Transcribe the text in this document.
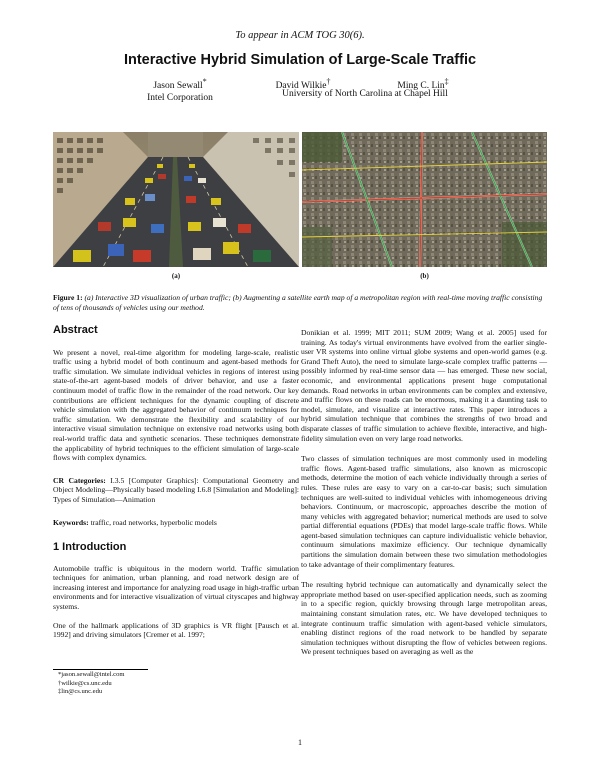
To appear in ACM TOG 30(6).
Interactive Hybrid Simulation of Large-Scale Traffic
Jason Sewall*
Intel Corporation
David Wilkie†	Ming C. Lin‡
University of North Carolina at Chapel Hill
(a)	(b)
Figure 1: (a) Interactive 3D visualization of urban traffic; (b) Augmenting a satellite earth map of a metropolitan region with real-time moving traffic consisting of tens of thousands of vehicles using our method.
Abstract

We present a novel, real-time algorithm for modeling large-scale, realistic traffic using a hybrid model of both continuum and agent-based methods for traffic simulation. We simulate individual vehicles in regions of interest using state-of-the-art agent-based models of driver behavior, and use a faster continuum model of traffic flow in the remainder of the road network. Our key contributions are efficient techniques for the dynamic coupling of discrete vehicle simulation with the aggregated behavior of continuum techniques for traffic simulation. We demonstrate the flexibility and scalability of our interactive visual simulation technique on extensive road networks using both real-world traffic data and synthetic scenarios. These techniques demonstrate the applicability of hybrid techniques to the efficient simulation of large-scale flows with complex dynamics.

CR Categories: I.3.5 [Computer Graphics]: Computational Geometry and Object Modeling—Physically based modeling I.6.8 [Simulation and Modeling]: Types of Simulation—Animation

Keywords: traffic, road networks, hyperbolic models

1 Introduction

Automobile traffic is ubiquitous in the modern world. Traffic simulation techniques for animation, urban planning, and road network design are of increasing interest and importance for analyzing road usage in high-traffic urban environments and for interactive visualization of virtual cityscapes and highway systems.

One of the hallmark applications of 3D graphics is VR flight [Pausch et al. 1992] and driving simulators [Cremer et al. 1997;

*jason.sewall@intel.com
†wilkie@cs.unc.edu
‡lin@cs.unc.edu

Donikian et al. 1999; MIT 2011; SUM 2009; Wang et al. 2005] used for training. As today's virtual environments have evolved from the earlier single-user VR systems into online virtual globe systems and open-world games (e.g. Grand Theft Auto), the need to simulate large-scale complex traffic patterns — possibly informed by real-time sensor data — has emerged. These new social, economic, and environmental applications present huge computational demands. Road networks in urban environments can be complex and extensive, and traffic flows on these roads can be enormous, making it a daunting task to model, simulate, and visualize at interactive rates. This paper introduces a hybrid simulation technique that combines the strengths of two broad and disparate classes of traffic simulation to achieve flexible, interactive, and high-fidelity simulation even on very large road networks.

Two classes of simulation techniques are most commonly used in modeling traffic flows. Agent-based traffic simulations, also known as microscopic methods, determine the motion of each vehicle individually through a series of rules. These rules are easy to vary on a car-to-car basis; such simulation techniques are well-suited to individual vehicles with inhomogeneous driving behaviors. Continuum, or macroscopic, approaches describe the motion of many vehicles with aggregated behavior; numerical methods are used to solve partial differential equations (PDEs) that model large-scale traffic flows. While agent-based simulation techniques can capture individualistic vehicle behavior, continuum simulations maximize efficiency. Our technique dynamically partitions the simulation domain between these two simulation methodologies to take advantage of their complimentary features.

The resulting hybrid technique can automatically and dynamically select the appropriate method based on user-specified application needs, such as zooming in to a specific region, quickly browsing through large metropolitan areas, maintaining constant simulation rates, etc. We have developed techniques to integrate continuum traffic simulation with agent-based vehicle simulators, enabling distinct regions of the road network to be handled by separate simulation techniques without disrupting the flow of vehicles between regions. We present techniques based on averaging as well as the

1
